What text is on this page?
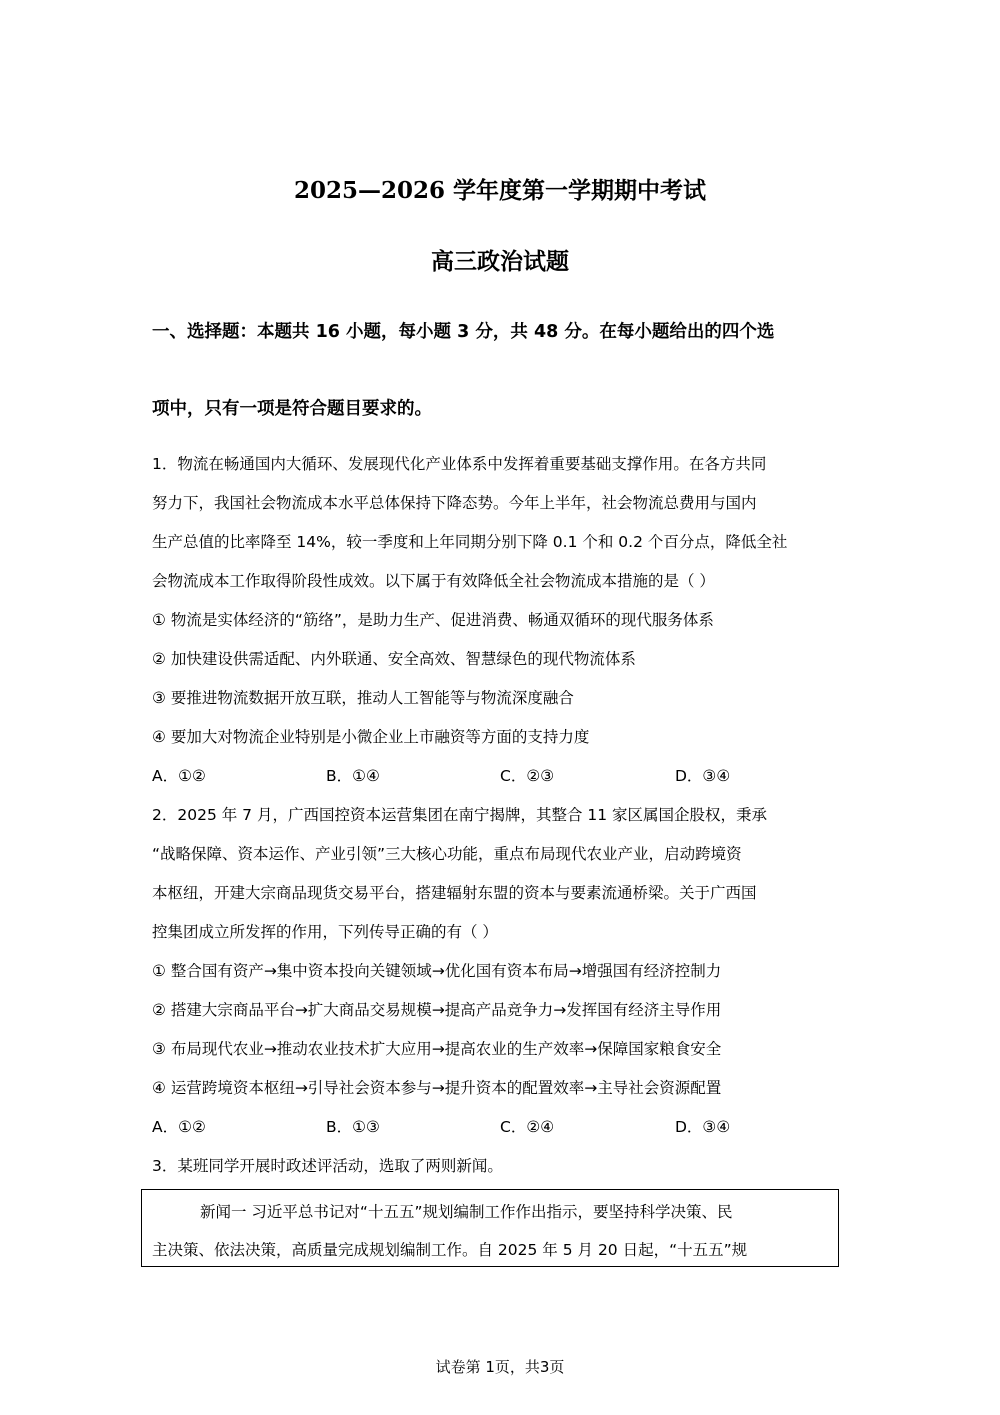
2025—2026 学年度第一学期期中考试
高三政治试题
一、选择题：本题共 16 小题，每小题 3 分，共 48 分。在每小题给出的四个选
项中，只有一项是符合题目要求的。
1．物流在畅通国内大循环、发展现代化产业体系中发挥着重要基础支撑作用。在各方共同
努力下，我国社会物流成本水平总体保持下降态势。今年上半年，社会物流总费用与国内
生产总值的比率降至 14%，较一季度和上年同期分别下降 0.1 个和 0.2 个百分点，降低全社
会物流成本工作取得阶段性成效。以下属于有效降低全社会物流成本措施的是（ ）
① 物流是实体经济的“筋络”，是助力生产、促进消费、畅通双循环的现代服务体系
② 加快建设供需适配、内外联通、安全高效、智慧绿色的现代物流体系
③ 要推进物流数据开放互联，推动人工智能等与物流深度融合
④ 要加大对物流企业特别是小微企业上市融资等方面的支持力度
A．①②	B．①④	C．②③	D．③④
2．2025 年 7 月，广西国控资本运营集团在南宁揭牌，其整合 11 家区属国企股权，秉承
“战略保障、资本运作、产业引领”三大核心功能，重点布局现代农业产业，启动跨境资
本枢纽，开建大宗商品现货交易平台，搭建辐射东盟的资本与要素流通桥梁。关于广西国
控集团成立所发挥的作用，下列传导正确的有（ ）
① 整合国有资产→集中资本投向关键领域→优化国有资本布局→增强国有经济控制力
② 搭建大宗商品平台→扩大商品交易规模→提高产品竞争力→发挥国有经济主导作用
③ 布局现代农业→推动农业技术扩大应用→提高农业的生产效率→保障国家粮食安全
④ 运营跨境资本枢纽→引导社会资本参与→提升资本的配置效率→主导社会资源配置
A．①②	B．①③	C．②④	D．③④
3．某班同学开展时政述评活动，选取了两则新闻。
新闻一 习近平总书记对“十五五”规划编制工作作出指示，要坚持科学决策、民
主决策、依法决策，高质量完成规划编制工作。自 2025 年 5 月 20 日起，“十五五”规
试卷第 1页，共3页
